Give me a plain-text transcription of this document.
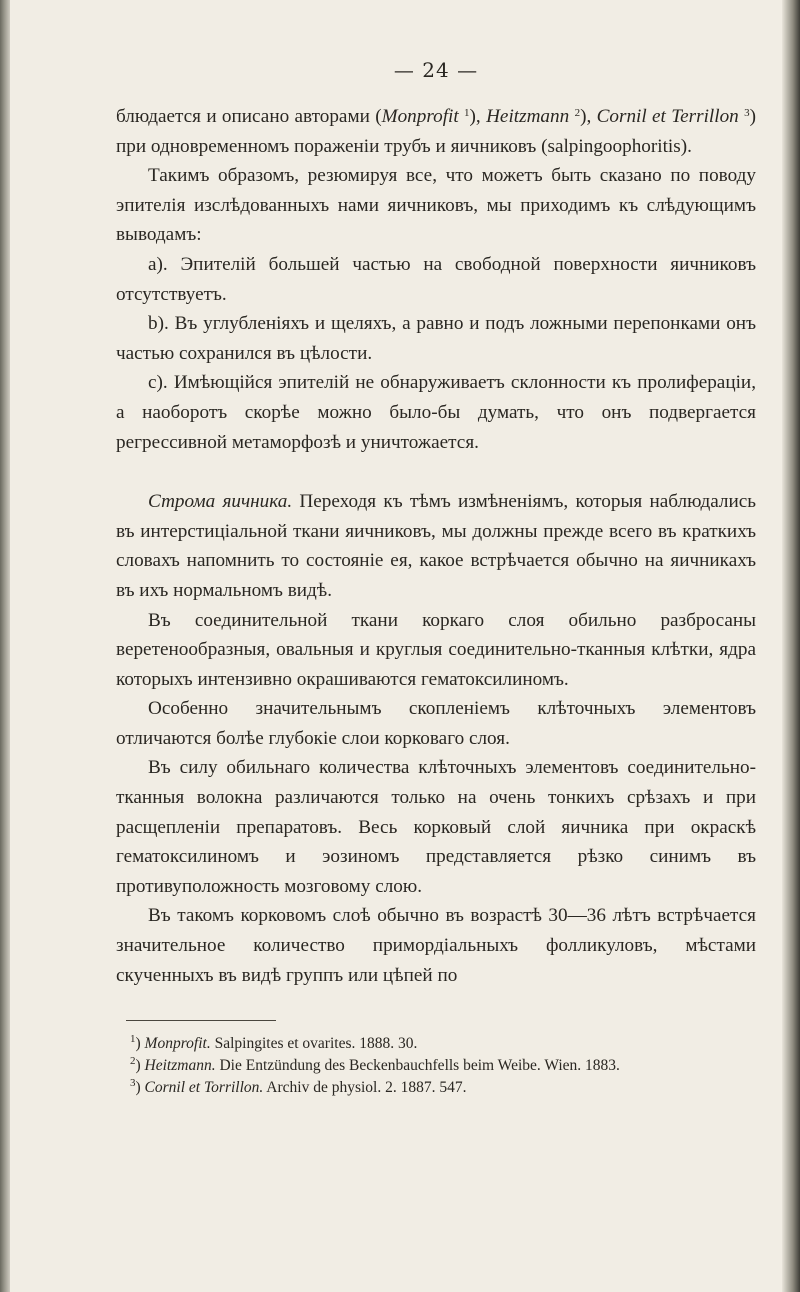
— 24 —

блюдается и описано авторами (Monprofit $^1$), Heitzmann $^2$), Cornil et Terrillon $^3$) при одновременномъ пораженіи трубъ и яичниковъ (salpingoophoritis).

Такимъ образомъ, резюмируя все, что можетъ быть сказано по поводу эпителія изслѣдованныхъ нами яичниковъ, мы приходимъ къ слѣдующимъ выводамъ:

a). Эпителій большей частью на свободной поверхности яичниковъ отсутствуетъ.

b). Въ углубленіяхъ и щеляхъ, а равно и подъ ложными перепонками онъ частью сохранился въ цѣлости.

c). Имѣющійся эпителій не обнаруживаетъ склонности къ пролифераціи, а наоборотъ скорѣе можно было-бы думать, что онъ подвергается регрессивной метаморфозѣ и уничтожается.

Строма яичника. Переходя къ тѣмъ измѣненіямъ, которыя наблюдались въ интерстиціальной ткани яичниковъ, мы должны прежде всего въ краткихъ словахъ напомнить то состояніе ея, какое встрѣчается обычно на яичникахъ въ ихъ нормальномъ видѣ.

Въ соединительной ткани коркаго слоя обильно разбросаны веретенообразныя, овальныя и круглыя соединительно-тканныя клѣтки, ядра которыхъ интензивно окрашиваются гематоксилиномъ.

Особенно значительнымъ скопленіемъ клѣточныхъ элементовъ отличаются болѣе глубокіе слои корковаго слоя.

Въ силу обильнаго количества клѣточныхъ элементовъ соединительно-тканныя волокна различаются только на очень тонкихъ срѣзахъ и при расщепленіи препаратовъ. Весь корковый слой яичника при окраскѣ гематоксилиномъ и эозиномъ представляется рѣзко синимъ въ противуположность мозговому слою.

Въ такомъ корковомъ слоѣ обычно въ возрастѣ 30—36 лѣтъ встрѣчается значительное количество примордіальныхъ фолликуловъ, мѣстами скученныхъ въ видѣ группъ или цѣпей по

$^1$) Monprofit. Salpingites et ovarites. 1888. 30.
$^2$) Heitzmann. Die Entzündung des Beckenbauchfells beim Weibe. Wien. 1883.
$^3$) Cornil et Torrillon. Archiv de physiol. 2. 1887. 547.
